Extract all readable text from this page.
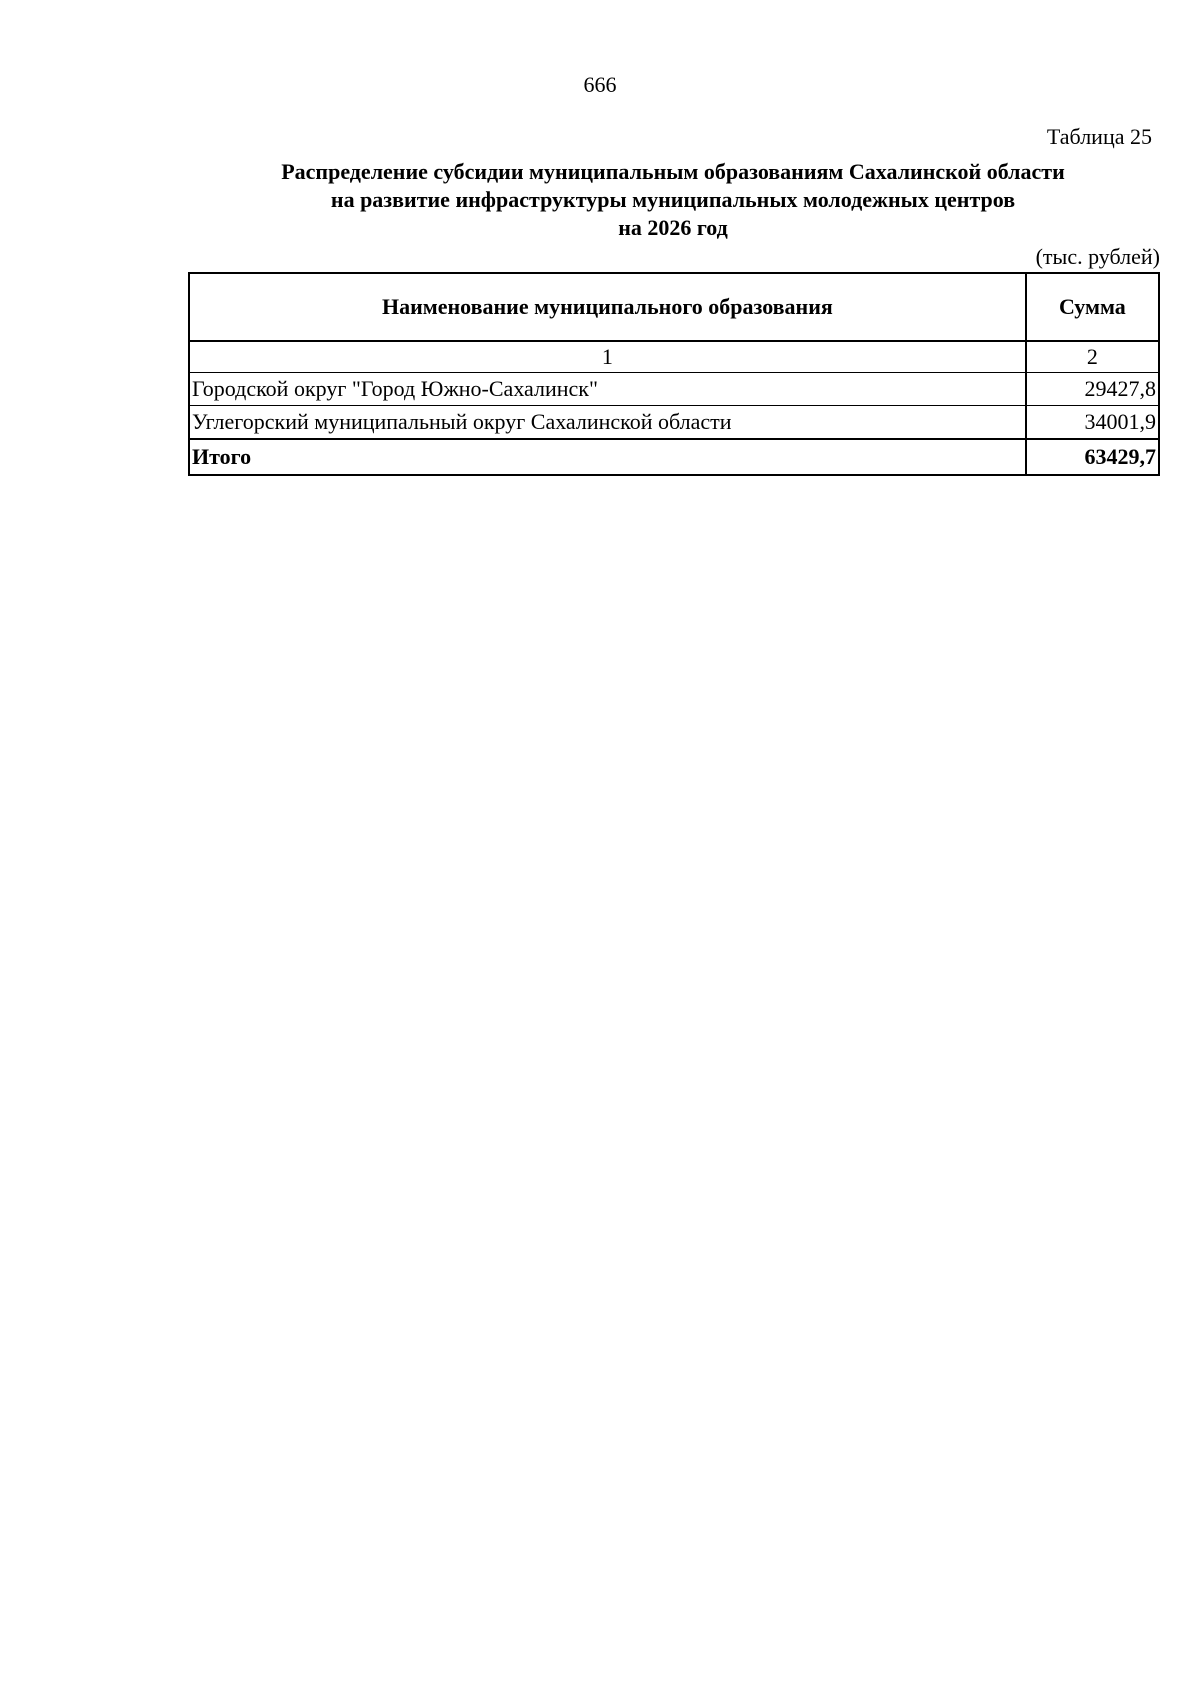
666
Таблица 25
Распределение субсидии муниципальным образованиям Сахалинской области
на развитие инфраструктуры муниципальных молодежных центров
на 2026 год
(тыс. рублей)
Наименование муниципального образования	Сумма
1	2
Городской округ "Город Южно-Сахалинск"	29427,8
Углегорский муниципальный округ Сахалинской области	34001,9
Итого	63429,7
